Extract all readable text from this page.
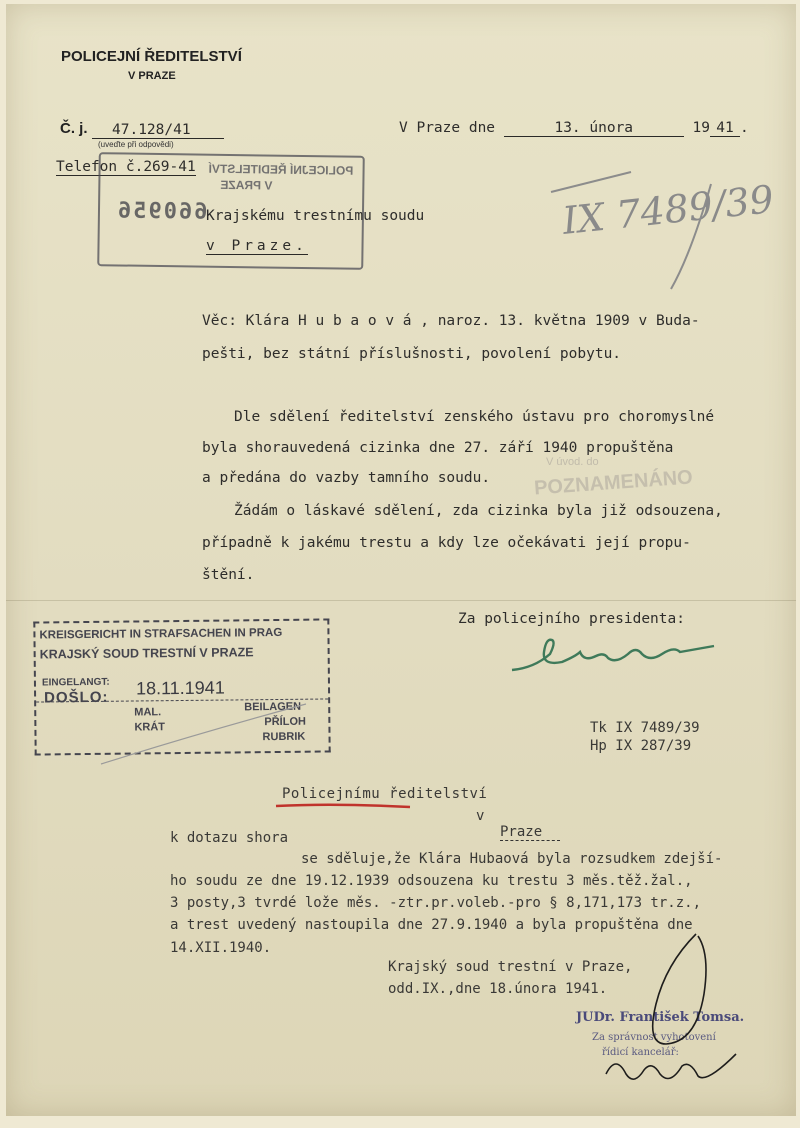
POLICEJNÍ ŘEDITELSTVÍ
V PRAZE
Č. j.	47.128/41
(uveďte při odpovědi)
Telefon č.269-41
V Praze dne	13. února	19 41 .
IX 7489/39
POLICEJNÍ ŘEDITELSTVÍ
V PRAZE
660956
Krajskému trestnímu soudu
v Praze.
Věc: Klára H u b a o v á , naroz. 13. května 1909 v Buda-
pešti, bez státní příslušnosti, povolení pobytu.
Dle sdělení ředitelství zenského ústavu pro choromyslné
byla shorauvedená cizinka dne 27. září 1940 propuštěna
a předána do vazby tamního soudu.
Žádám o láskavé sdělení, zda cizinka byla již odsouzena,
případně k jakému trestu a kdy lze očekávati její propu-
štění.
V úvod. do
POZNAMENÁNO
Za policejního presidenta:
KREISGERICHT IN STRAFSACHEN IN PRAG
KRAJSKÝ SOUD TRESTNÍ V PRAZE
EINGELANGT:
DOŠLO: 18.11.1941
MAL.
KRÁT
BEILAGEN
PŘÍLOH
RUBRIK
Tk IX 7489/39
Hp IX 287/39
Policejnímu ředitelství
v
Praze
k dotazu shora
se sděluje,že Klára Hubaová byla rozsudkem zdejší-
ho soudu ze dne 19.12.1939 odsouzena ku trestu 3 měs.těž.žal.,
3 posty,3 tvrdé lože měs. -ztr.pr.voleb.-pro § 8,171,173 tr.z.,
a trest uvedený nastoupila dne 27.9.1940 a byla propuštěna dne
14.XII.1940.
Krajský soud trestní v Praze,
odd.IX.,dne 18.února 1941.
JUDr. František Tomsa.
Za správnost vyhotovení
řídicí kancelář:
